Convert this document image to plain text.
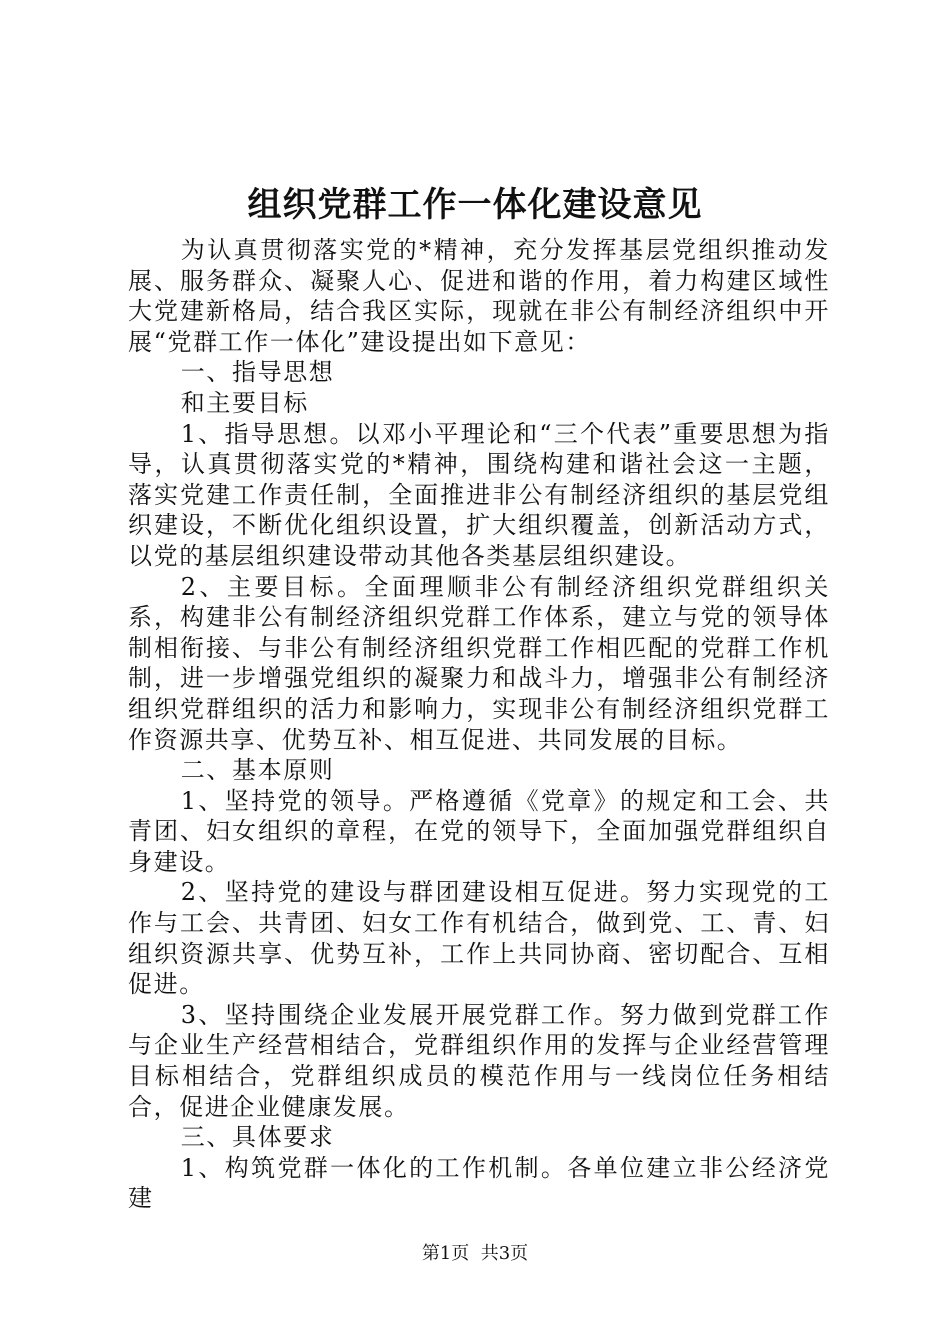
组织党群工作一体化建设意见

为认真贯彻落实党的*精神，充分发挥基层党组织推动发展、服务群众、凝聚人心、促进和谐的作用，着力构建区域性大党建新格局，结合我区实际，现就在非公有制经济组织中开展“党群工作一体化”建设提出如下意见：

一、指导思想

和主要目标

1、指导思想。以邓小平理论和“三个代表”重要思想为指导，认真贯彻落实党的*精神，围绕构建和谐社会这一主题，落实党建工作责任制，全面推进非公有制经济组织的基层党组织建设，不断优化组织设置，扩大组织覆盖，创新活动方式，以党的基层组织建设带动其他各类基层组织建设。

2、主要目标。全面理顺非公有制经济组织党群组织关系，构建非公有制经济组织党群工作体系，建立与党的领导体制相衔接、与非公有制经济组织党群工作相匹配的党群工作机制，进一步增强党组织的凝聚力和战斗力，增强非公有制经济组织党群组织的活力和影响力，实现非公有制经济组织党群工作资源共享、优势互补、相互促进、共同发展的目标。

二、基本原则

1、坚持党的领导。严格遵循《党章》的规定和工会、共青团、妇女组织的章程，在党的领导下，全面加强党群组织自身建设。

2、坚持党的建设与群团建设相互促进。努力实现党的工作与工会、共青团、妇女工作有机结合，做到党、工、青、妇组织资源共享、优势互补，工作上共同协商、密切配合、互相促进。

3、坚持围绕企业发展开展党群工作。努力做到党群工作与企业生产经营相结合，党群组织作用的发挥与企业经营管理目标相结合，党群组织成员的模范作用与一线岗位任务相结合，促进企业健康发展。

三、具体要求

1、构筑党群一体化的工作机制。各单位建立非公经济党建

第1页 共3页
